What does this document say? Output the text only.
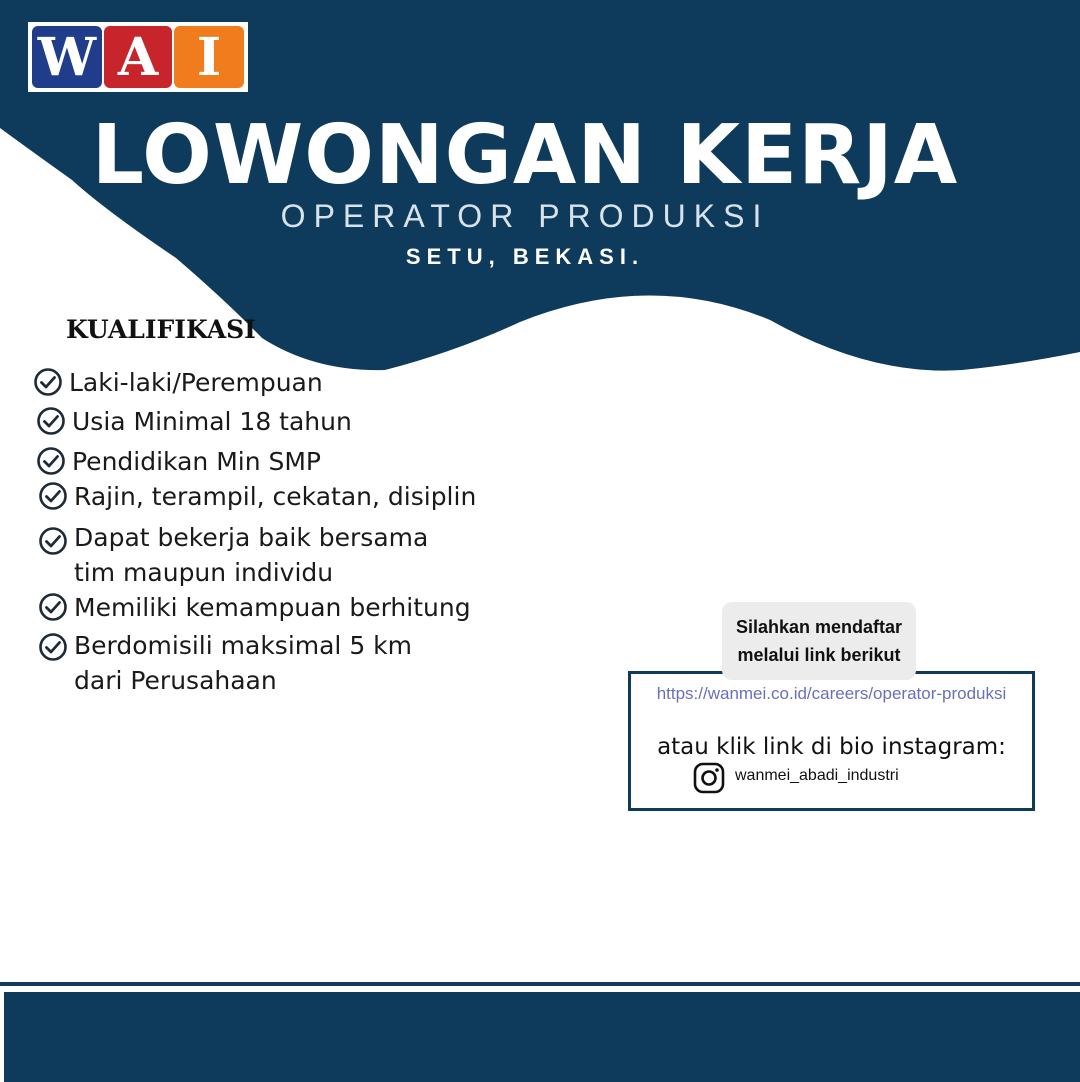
W A I
LOWONGAN KERJA
OPERATOR PRODUKSI
SETU, BEKASI.
KUALIFIKASI
Laki-laki/Perempuan
Usia Minimal 18 tahun
Pendidikan Min SMP
Rajin, terampil, cekatan, disiplin
Dapat bekerja baik bersama
tim maupun individu
Memiliki kemampuan berhitung
Berdomisili maksimal 5 km
dari Perusahaan
Silahkan mendaftar melalui link berikut
https://wanmei.co.id/careers/operator-produksi
atau klik link di bio instagram:
wanmei_abadi_industri
